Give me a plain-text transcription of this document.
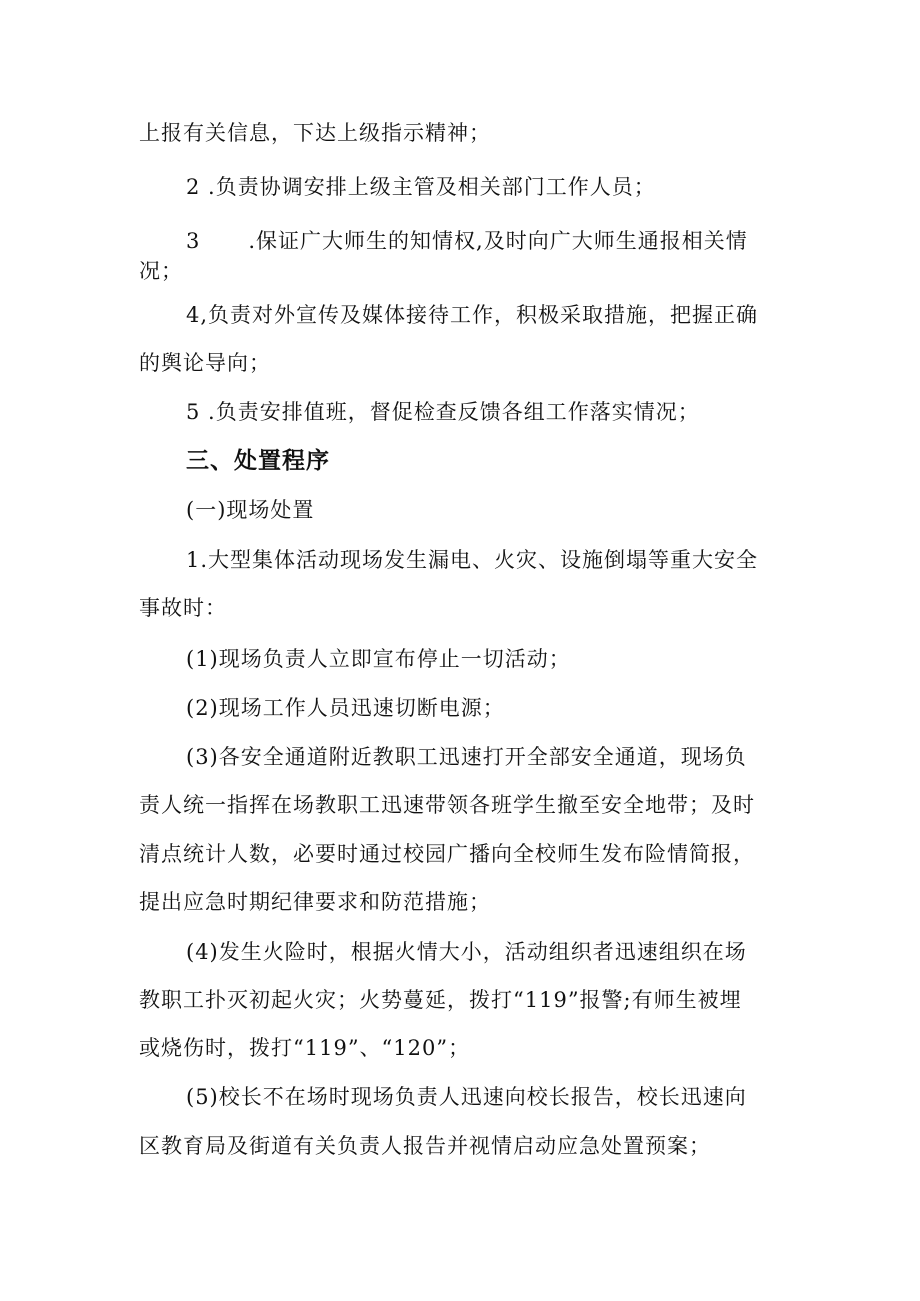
上报有关信息，下达上级指示精神；
2 .负责协调安排上级主管及相关部门工作人员；
3 .保证广大师生的知情权,及时向广大师生通报相关情
况；
4,负责对外宣传及媒体接待工作，积极采取措施，把握正确
的舆论导向；
5 .负责安排值班，督促检查反馈各组工作落实情况；
三、处置程序
(一)现场处置
1.大型集体活动现场发生漏电、火灾、设施倒塌等重大安全
事故时：
(1)现场负责人立即宣布停止一切活动；
(2)现场工作人员迅速切断电源；
(3)各安全通道附近教职工迅速打开全部安全通道，现场负
责人统一指挥在场教职工迅速带领各班学生撤至安全地带；及时
清点统计人数，必要时通过校园广播向全校师生发布险情简报，
提出应急时期纪律要求和防范措施；
(4)发生火险时，根据火情大小，活动组织者迅速组织在场
教职工扑灭初起火灾；火势蔓延，拨打“119”报警;有师生被埋
或烧伤时，拨打“119”、“120”；
(5)校长不在场时现场负责人迅速向校长报告，校长迅速向
区教育局及街道有关负责人报告并视情启动应急处置预案；
